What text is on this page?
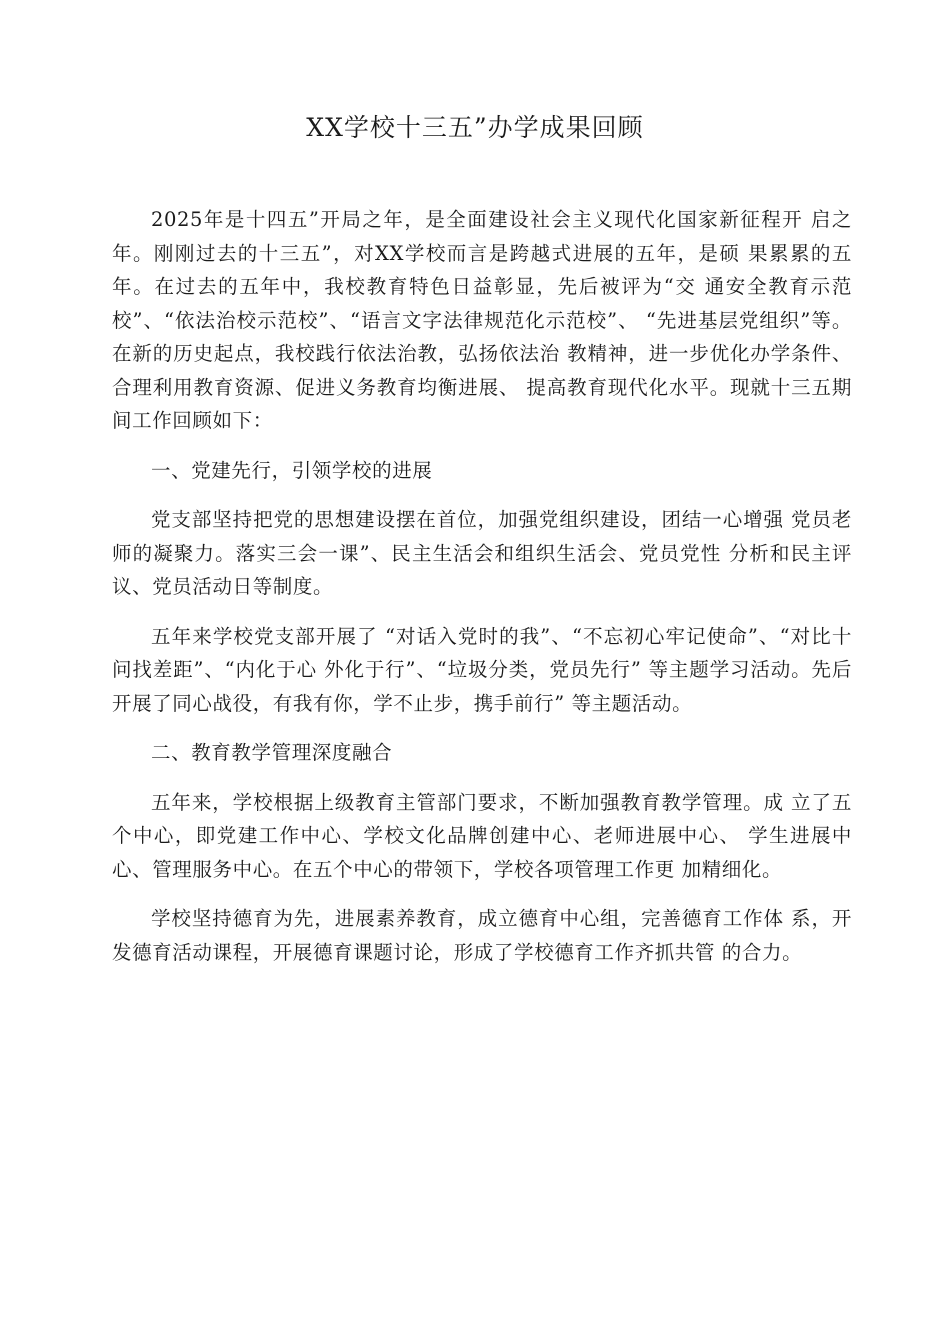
XX学校十三五”办学成果回顾

2025年是十四五”开局之年，是全面建设社会主义现代化国家新征程开 启之年。刚刚过去的十三五”，对XX学校而言是跨越式进展的五年，是硕 果累累的五年。在过去的五年中，我校教育特色日益彰显，先后被评为“交 通安全教育示范校”、“依法治校示范校”、“语言文字法律规范化示范校”、 “先进基层党组织”等。在新的历史起点，我校践行依法治教，弘扬依法治 教精神，进一步优化办学条件、合理利用教育资源、促进义务教育均衡进展、 提高教育现代化水平。现就十三五期间工作回顾如下：

一、党建先行，引领学校的进展

党支部坚持把党的思想建设摆在首位，加强党组织建设，团结一心增强 党员老师的凝聚力。落实三会一课”、民主生活会和组织生活会、党员党性 分析和民主评议、党员活动日等制度。

五年来学校党支部开展了 “对话入党时的我”、“不忘初心牢记使命”、“对比十问找差距”、“内化于心 外化于行”、“垃圾分类，党员先行” 等主题学习活动。先后开展了同心战役，有我有你，学不止步，携手前行” 等主题活动。

二、教育教学管理深度融合

五年来，学校根据上级教育主管部门要求，不断加强教育教学管理。成 立了五个中心，即党建工作中心、学校文化品牌创建中心、老师进展中心、 学生进展中心、管理服务中心。在五个中心的带领下，学校各项管理工作更 加精细化。

学校坚持德育为先，进展素养教育，成立德育中心组，完善德育工作体 系，开发德育活动课程，开展德育课题讨论，形成了学校德育工作齐抓共管 的合力。
